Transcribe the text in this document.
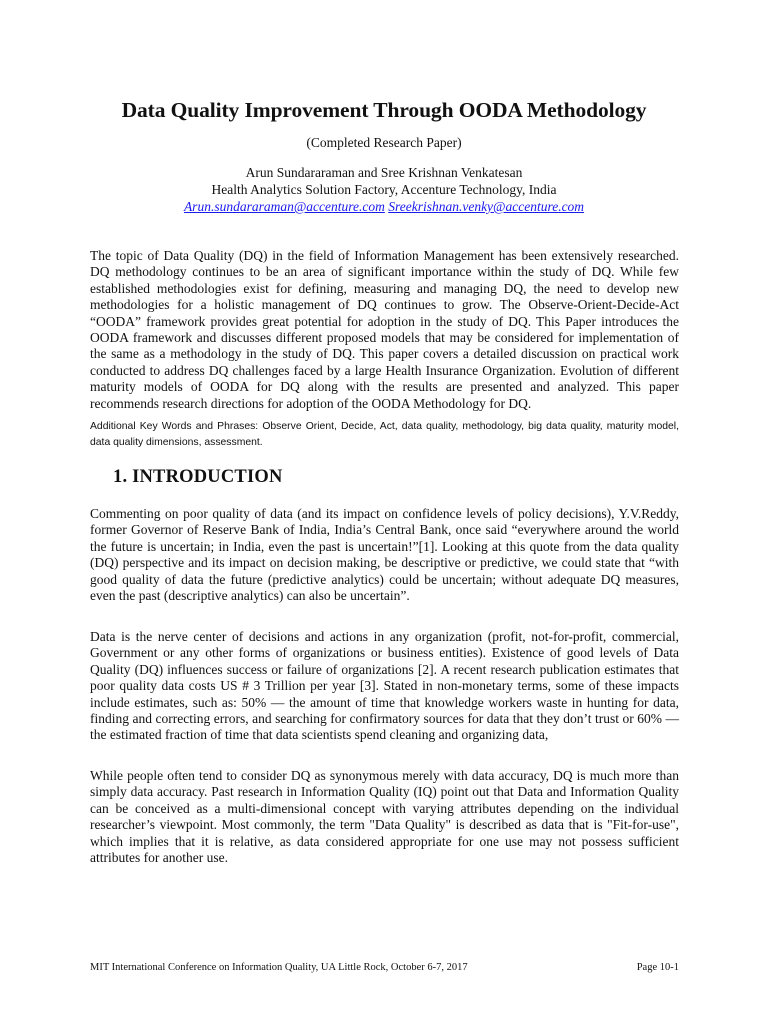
Data Quality Improvement Through OODA Methodology
(Completed Research Paper)
Arun Sundararaman and Sree Krishnan Venkatesan
Health Analytics Solution Factory, Accenture Technology, India
Arun.sundararaman@accenture.com Sreekrishnan.venky@accenture.com
The topic of Data Quality (DQ) in the field of Information Management has been extensively researched. DQ methodology continues to be an area of significant importance within the study of DQ. While few established methodologies exist for defining, measuring and managing DQ, the need to develop new methodologies for a holistic management of DQ continues to grow. The Observe-Orient-Decide-Act “OODA” framework provides great potential for adoption in the study of DQ. This Paper introduces the OODA framework and discusses different proposed models that may be considered for implementation of the same as a methodology in the study of DQ. This paper covers a detailed discussion on practical work conducted to address DQ challenges faced by a large Health Insurance Organization. Evolution of different maturity models of OODA for DQ along with the results are presented and analyzed. This paper recommends research directions for adoption of the OODA Methodology for DQ.
Additional Key Words and Phrases: Observe Orient, Decide, Act, data quality, methodology, big data quality, maturity model, data quality dimensions, assessment.
1. INTRODUCTION
Commenting on poor quality of data (and its impact on confidence levels of policy decisions), Y.V.Reddy, former Governor of Reserve Bank of India, India’s Central Bank, once said “everywhere around the world the future is uncertain; in India, even the past is uncertain!”[1]. Looking at this quote from the data quality (DQ) perspective and its impact on decision making, be descriptive or predictive, we could state that “with good quality of data the future (predictive analytics) could be uncertain; without adequate DQ measures, even the past (descriptive analytics) can also be uncertain”.
Data is the nerve center of decisions and actions in any organization (profit, not-for-profit, commercial, Government or any other forms of organizations or business entities). Existence of good levels of Data Quality (DQ) influences success or failure of organizations [2]. A recent research publication estimates that poor quality data costs US # 3 Trillion per year [3]. Stated in non-monetary terms, some of these impacts include estimates, such as: 50% — the amount of time that knowledge workers waste in hunting for data, finding and correcting errors, and searching for confirmatory sources for data that they don’t trust or 60% — the estimated fraction of time that data scientists spend cleaning and organizing data,
While people often tend to consider DQ as synonymous merely with data accuracy, DQ is much more than simply data accuracy. Past research in Information Quality (IQ) point out that Data and Information Quality can be conceived as a multi-dimensional concept with varying attributes depending on the individual researcher’s viewpoint. Most commonly, the term "Data Quality" is described as data that is "Fit-for-use", which implies that it is relative, as data considered appropriate for one use may not possess sufficient attributes for another use.
MIT International Conference on Information Quality, UA Little Rock, October 6-7, 2017	Page 10-1
